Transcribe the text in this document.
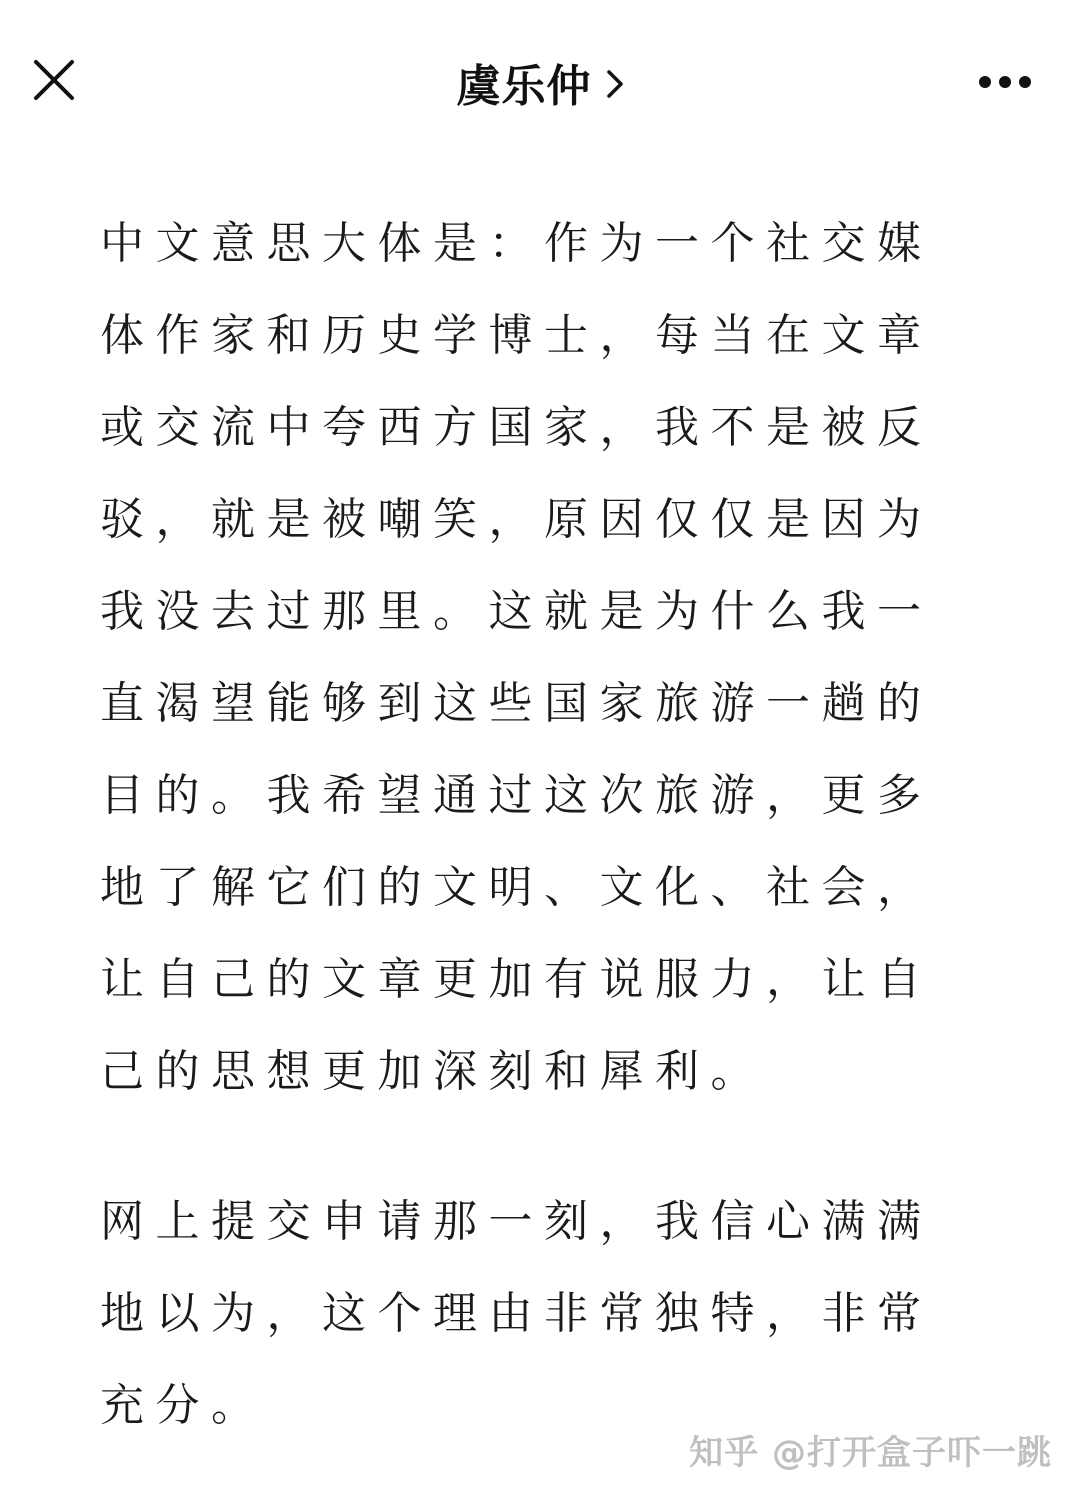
虞乐仲

中文意思大体是：作为一个社交媒体作家和历史学博士，每当在文章或交流中夸西方国家，我不是被反驳，就是被嘲笑，原因仅仅是因为我没去过那里。这就是为什么我一直渴望能够到这些国家旅游一趟的目的。我希望通过这次旅游，更多地了解它们的文明、文化、社会，让自己的文章更加有说服力，让自己的思想更加深刻和犀利。

网上提交申请那一刻，我信心满满地以为，这个理由非常独特，非常充分。

知乎 @打开盒子吓一跳
